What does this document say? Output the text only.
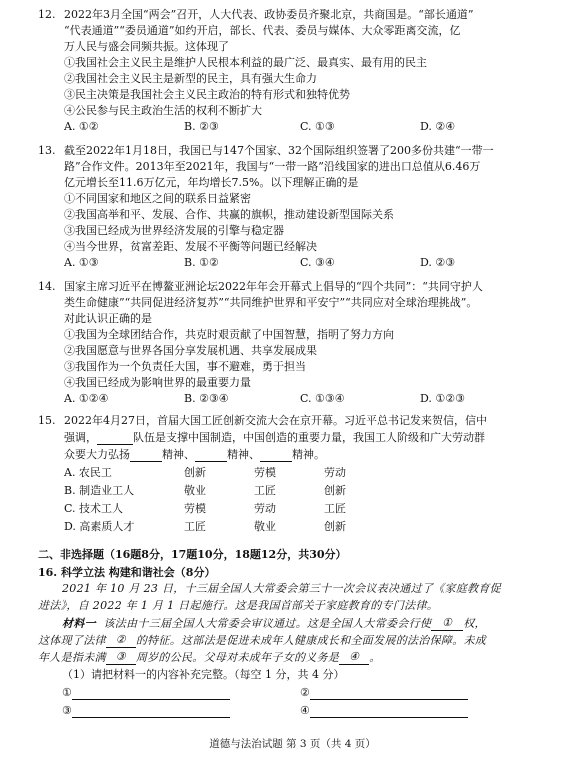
12. 2022年3月全国“两会”召开，人大代表、政协委员齐聚北京，共商国是。“部长通道”
“代表通道”“委员通道”如约开启，部长、代表、委员与媒体、大众零距离交流，亿
万人民与盛会同频共振。这体现了
①我国社会主义民主是维护人民根本利益的最广泛、最真实、最有用的民主
②我国社会主义民主是新型的民主，具有强大生命力
③民主决策是我国社会主义民主政治的特有形式和独特优势
④公民参与民主政治生活的权利不断扩大
A. ①②	B. ②③	C. ①③	D. ②④
13. 截至2022年1月18日，我国已与147个国家、32个国际组织签署了200多份共建“一带一
路”合作文件。2013年至2021年，我国与“一带一路”沿线国家的进出口总值从6.46万
亿元增长至11.6万亿元，年均增长7.5%。以下理解正确的是
①不同国家和地区之间的联系日益紧密
②我国高举和平、发展、合作、共赢的旗帜，推动建设新型国际关系
③我国已经成为世界经济发展的引擎与稳定器
④当今世界，贫富差距、发展不平衡等问题已经解决
A. ①③	B. ①②	C. ③④	D. ②③
14. 国家主席习近平在博鳌亚洲论坛2022年年会开幕式上倡导的“四个共同”：“共同守护人
类生命健康”“共同促进经济复苏”“共同维护世界和平安宁”“共同应对全球治理挑战”。
对此认识正确的是
①我国为全球团结合作，共克时艰贡献了中国智慧，指明了努力方向
②我国愿意与世界各国分享发展机遇、共享发展成果
③我国作为一个负责任大国，事不避难，勇于担当
④我国已经成为影响世界的最重要力量
A. ①②④	B. ②③④	C. ①③④	D. ①②③
15. 2022年4月27日，首届大国工匠创新交流大会在京开幕。习近平总书记发来贺信，信中
强调，	队伍是支撑中国制造，中国创造的重要力量，我国工人阶级和广大劳动群
众要大力弘扬	精神、	精神、	精神。
A. 农民工	创新	劳模	劳动
B. 制造业工人	敬业	工匠	创新
C. 技术工人	劳模	劳动	工匠
D. 高素质人才	工匠	敬业	创新
二、非选择题（16题8分，17题10分，18题12分，共30分）
16. 科学立法 构建和谐社会（8分）
2021 年 10 月 23 日，十三届全国人大常委会第三十一次会议表决通过了《家庭教育促
进法》，自 2022 年 1 月 1 日起施行。这是我国首部关于家庭教育的专门法律。
材料一 该法由十三届全国人大常委会审议通过。这是全国人大常委会行使 ① 权，
这体现了法律 ② 的特征。这部法是促进未成年人健康成长和全面发展的法治保障。未成
年人是指未满 ③ 周岁的公民。父母对未成年子女的义务是 ④ 。
（1）请把材料一的内容补充完整。（每空 1 分，共 4 分）
①	②
③	④
道德与法治试题 第 3 页（共 4 页）
